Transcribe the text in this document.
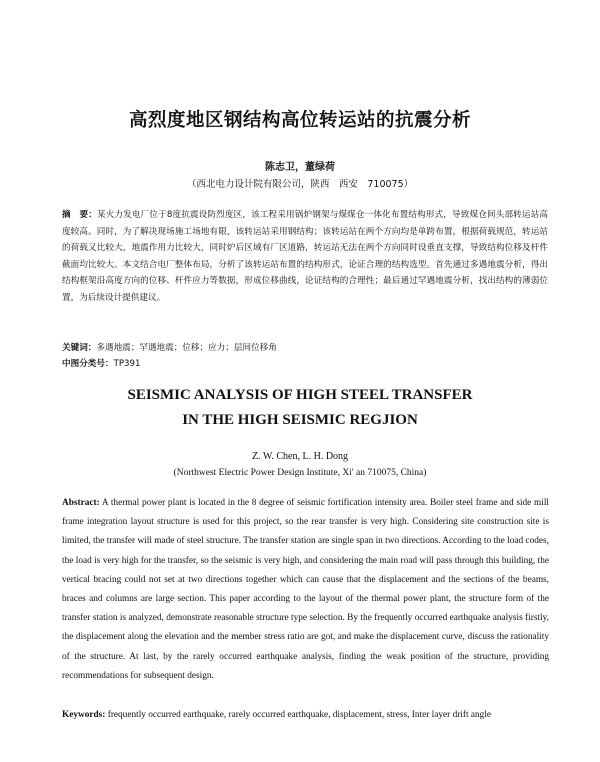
高烈度地区钢结构高位转运站的抗震分析
陈志卫，董绿荷
（西北电力设计院有限公司，陕西　西安　710075）
摘　要：某火力发电厂位于8度抗震设防烈度区，该工程采用锅炉钢架与煤煤仓一体化布置结构形式，导致煤仓间头部转运站高度较高。同时，为了解决现场施工场地有限，该转运站采用钢结构；该转运站在两个方向均是单跨布置，根据荷载规范，转运站的荷载又比较大，地震作用力比较大，同时炉后区域有厂区道路，转运站无法在两个方向同时设垂直支撑，导致结构位移及杆件截面均比较大。本文结合电厂整体布局，分析了该转运站布置的结构形式，论证合理的结构选型。首先通过多遇地震分析，得出结构框架沿高度方向的位移、杆件应力等数据，形成位移曲线，论证结构的合理性；最后通过罕遇地震分析，找出结构的薄弱位置，为后续设计提供建议。
关键词：多遇地震；罕遇地震；位移；应力；层间位移角
中图分类号：TP391
SEISMIC ANALYSIS OF HIGH STEEL TRANSFER
IN THE HIGH SEISMIC REGJION
Z. W. Chen, L. H. Dong
(Northwest Electric Power Design Institute, Xi' an 710075, China)
Abstract: A thermal power plant is located in the 8 degree of seismic fortification intensity area. Boiler steel frame and side mill frame integration layout structure is used for this project, so the rear transfer is very high. Considering site construction site is limited, the transfer will made of steel structure. The transfer station are single span in two directions. According to the load codes, the load is very high for the transfer, so the seismic is very high, and considering the main road will pass through this building, the vertical bracing could not set at two directions together which can cause that the displacement and the sections of the beams, braces and columns are large section. This paper according to the layout of the thermal power plant, the structure form of the transfer station is analyzed, demonstrate reasonable structure type selection. By the frequently occurred earthquake analysis firstly, the displacement along the elevation and the member stress ratio are got, and make the displacement curve, discuss the rationality of the structure. At last, by the rarely occurred earthquake analysis, finding the weak position of the structure, providing recommendations for subsequent design.
Keywords: frequently occurred earthquake, rarely occurred earthquake, displacement, stress, Inter layer drift angle
